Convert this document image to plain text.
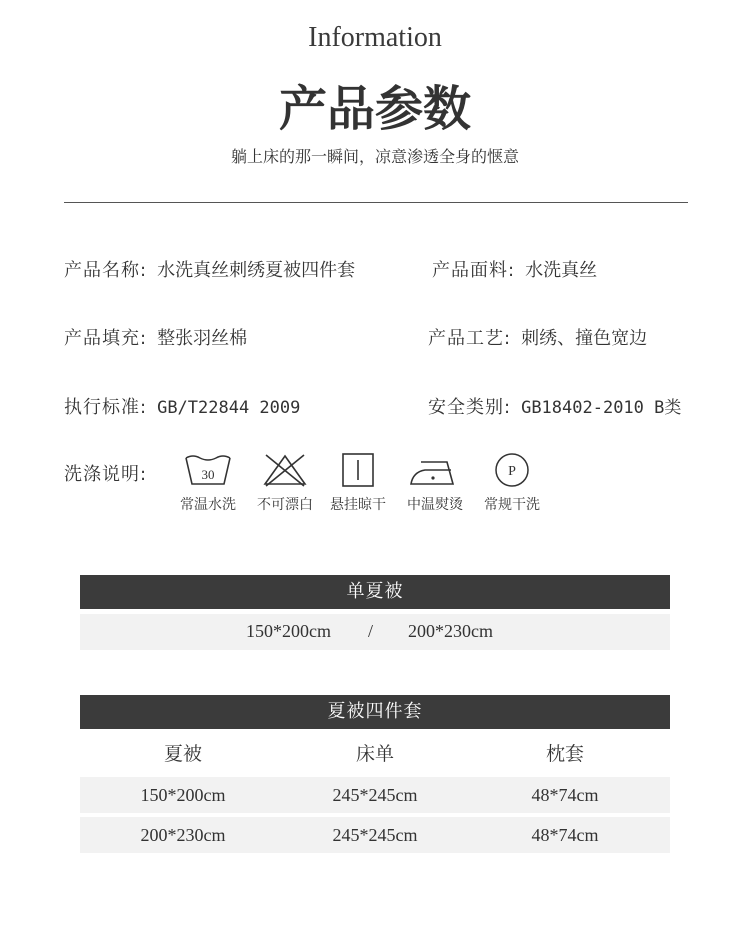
Information
产品参数
躺上床的那一瞬间，凉意渗透全身的惬意
产品名称: 水洗真丝刺绣夏被四件套	产品面料: 水洗真丝
产品填充: 整张羽丝棉	产品工艺: 刺绣、撞色宽边
执行标准: GB/T22844 2009	安全类别: GB18402-2010 B类
洗涤说明:	30
常温水洗	不可漂白	悬挂晾干	中温熨烫
P
常规干洗
单夏被
150*200cm / 200*230cm
夏被四件套
夏被	床单	枕套
150*200cm	245*245cm	48*74cm
200*230cm	245*245cm	48*74cm
